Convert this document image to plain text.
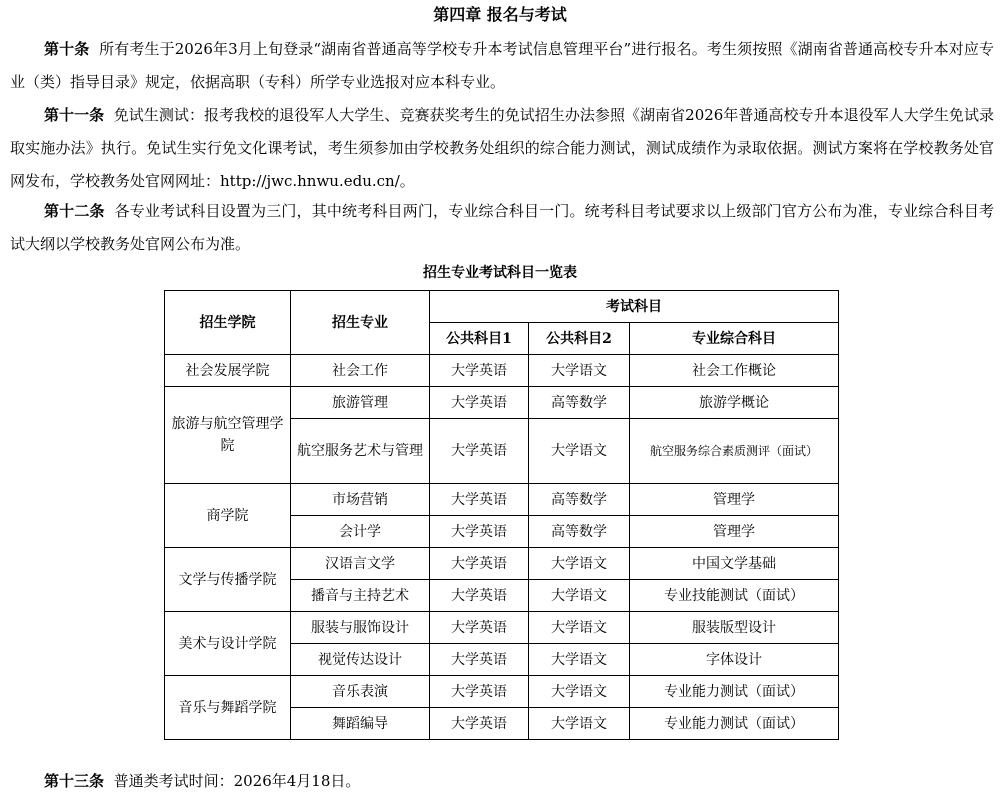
第四章 报名与考试

第十条 所有考生于2026年3月上旬登录“湖南省普通高等学校专升本考试信息管理平台”进行报名。考生须按照《湖南省普通高校专升本对应专业（类）指导目录》规定，依据高职（专科）所学专业选报对应本科专业。

第十一条 免试生测试：报考我校的退役军人大学生、竞赛获奖考生的免试招生办法参照《湖南省2026年普通高校专升本退役军人大学生免试录取实施办法》执行。免试生实行免文化课考试，考生须参加由学校教务处组织的综合能力测试，测试成绩作为录取依据。测试方案将在学校教务处官网发布，学校教务处官网网址：http://jwc.hnwu.edu.cn/。

第十二条 各专业考试科目设置为三门，其中统考科目两门，专业综合科目一门。统考科目考试要求以上级部门官方公布为准，专业综合科目考试大纲以学校教务处官网公布为准。

招生专业考试科目一览表
招生学院	招生专业	考试科目		
		公共科目1	公共科目2	专业综合科目
社会发展学院	社会工作	大学英语	大学语文	社会工作概论
旅游与航空管理学院	旅游管理	大学英语	高等数学	旅游学概论
	航空服务艺术与管理	大学英语	大学语文	航空服务综合素质测评（面试）
商学院	市场营销	大学英语	高等数学	管理学
	会计学	大学英语	高等数学	管理学
文学与传播学院	汉语言文学	大学英语	大学语文	中国文学基础
	播音与主持艺术	大学英语	大学语文	专业技能测试（面试）
美术与设计学院	服装与服饰设计	大学英语	大学语文	服装版型设计
	视觉传达设计	大学英语	大学语文	字体设计
音乐与舞蹈学院	音乐表演	大学英语	大学语文	专业能力测试（面试）
	舞蹈编导	大学英语	大学语文	专业能力测试（面试）

第十三条 普通类考试时间：2026年4月18日。
